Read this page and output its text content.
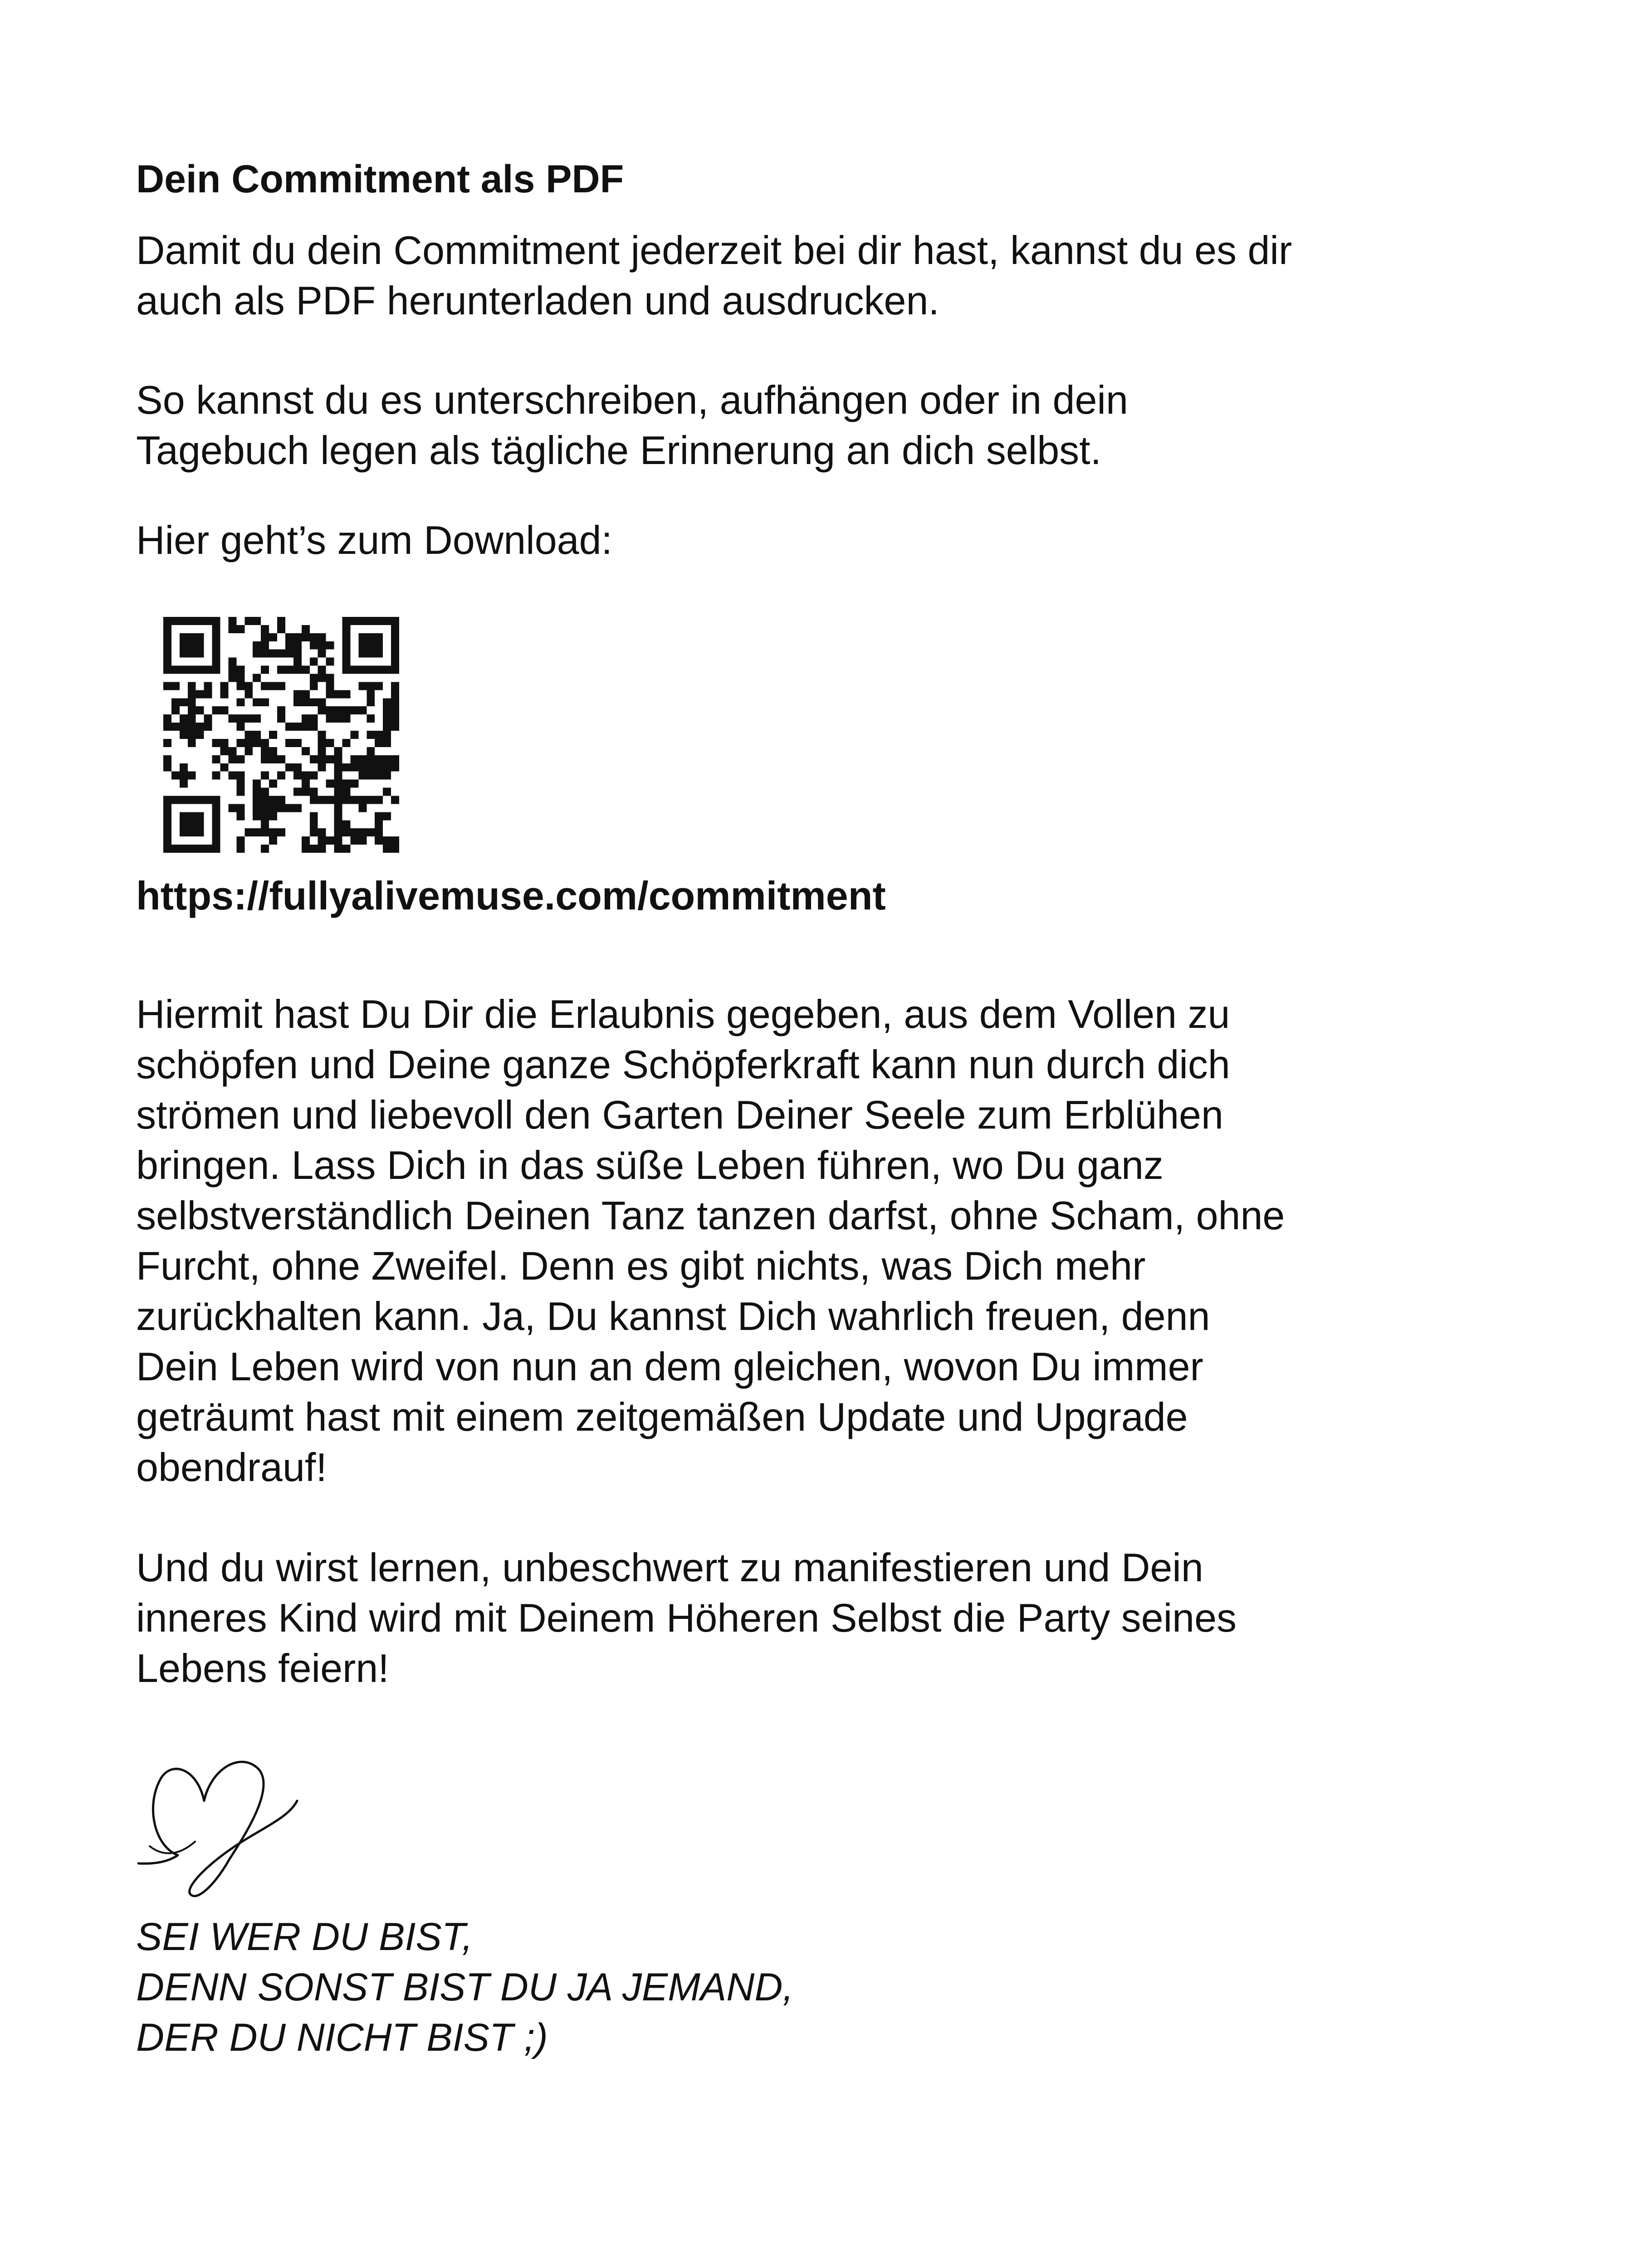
Dein Commitment als PDF

Damit du dein Commitment jederzeit bei dir hast, kannst du es dir
auch als PDF herunterladen und ausdrucken.

So kannst du es unterschreiben, aufhängen oder in dein
Tagebuch legen als tägliche Erinnerung an dich selbst.

Hier geht’s zum Download:

https://fullyalivemuse.com/commitment

Hiermit hast Du Dir die Erlaubnis gegeben, aus dem Vollen zu
schöpfen und Deine ganze Schöpferkraft kann nun durch dich
strömen und liebevoll den Garten Deiner Seele zum Erblühen
bringen. Lass Dich in das süße Leben führen, wo Du ganz
selbstverständlich Deinen Tanz tanzen darfst, ohne Scham, ohne
Furcht, ohne Zweifel. Denn es gibt nichts, was Dich mehr
zurückhalten kann. Ja, Du kannst Dich wahrlich freuen, denn
Dein Leben wird von nun an dem gleichen, wovon Du immer
geträumt hast mit einem zeitgemäßen Update und Upgrade
obendrauf!

Und du wirst lernen, unbeschwert zu manifestieren und Dein
inneres Kind wird mit Deinem Höheren Selbst die Party seines
Lebens feiern!

SEI WER DU BIST,
DENN SONST BIST DU JA JEMAND,
DER DU NICHT BIST ;)
